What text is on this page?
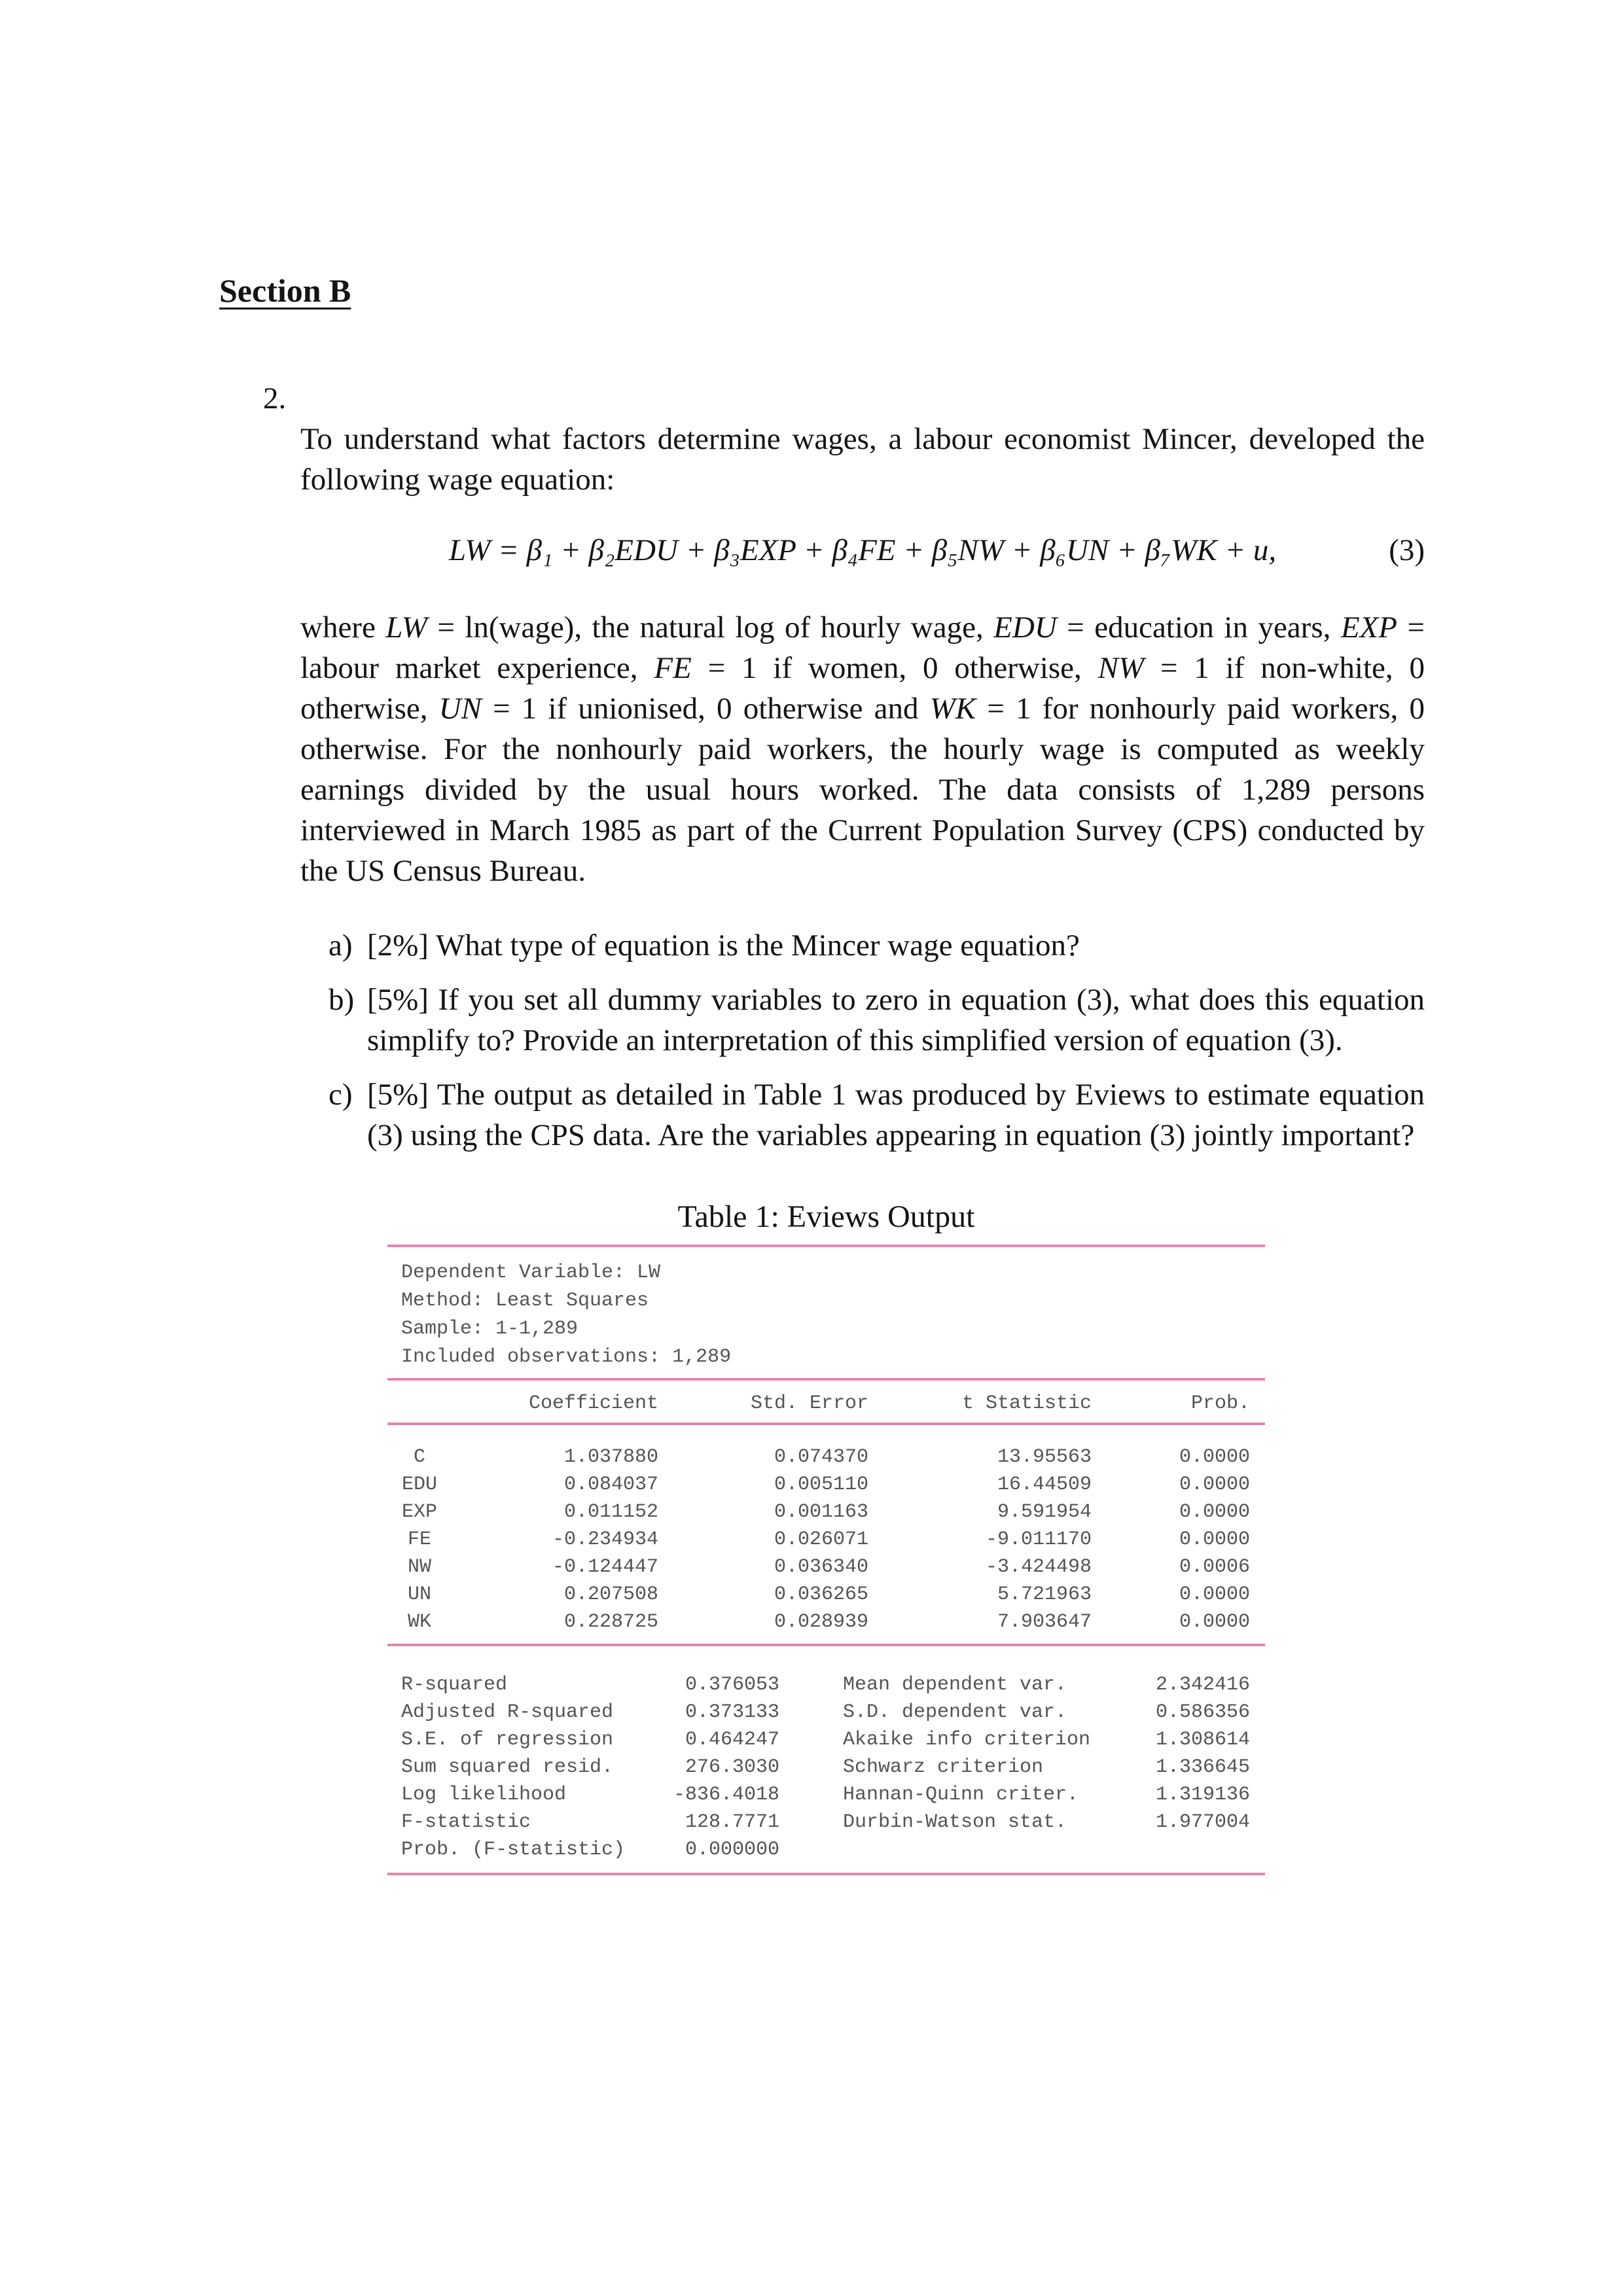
Section B
2.

To understand what factors determine wages, a labour economist Mincer, developed the following wage equation:

LW = β₁ + β₂EDU + β₃EXP + β₄FE + β₅NW + β₆UN + β₇WK + u,	(3)

where LW = ln(wage), the natural log of hourly wage, EDU = education in years, EXP = labour market experience, FE = 1 if women, 0 otherwise, NW = 1 if non-white, 0 otherwise, UN = 1 if unionised, 0 otherwise and WK = 1 for nonhourly paid workers, 0 otherwise. For the nonhourly paid workers, the hourly wage is computed as weekly earnings divided by the usual hours worked. The data consists of 1,289 persons interviewed in March 1985 as part of the Current Population Survey (CPS) conducted by the US Census Bureau.

a) [2%] What type of equation is the Mincer wage equation?

b) [5%] If you set all dummy variables to zero in equation (3), what does this equation simplify to? Provide an interpretation of this simplified version of equation (3).

c) [5%] The output as detailed in Table 1 was produced by Eviews to estimate equation (3) using the CPS data. Are the variables appearing in equation (3) jointly important?

Table 1: Eviews Output
Dependent Variable: LW
Method: Least Squares
Sample: 1-1,289
Included observations: 1,289
Coefficient	Std. Error	t Statistic	Prob.
C	1.037880	0.074370	13.95563	0.0000
EDU	0.084037	0.005110	16.44509	0.0000
EXP	0.011152	0.001163	9.591954	0.0000
FE	-0.234934	0.026071	-9.011170	0.0000
NW	-0.124447	0.036340	-3.424498	0.0006
UN	0.207508	0.036265	5.721963	0.0000
WK	0.228725	0.028939	7.903647	0.0000
R-squared	0.376053	Mean dependent var.	2.342416
Adjusted R-squared	0.373133	S.D. dependent var.	0.586356
S.E. of regression	0.464247	Akaike info criterion	1.308614
Sum squared resid.	276.3030	Schwarz criterion	1.336645
Log likelihood	-836.4018	Hannan-Quinn criter.	1.319136
F-statistic	128.7771	Durbin-Watson stat.	1.977004
Prob. (F-statistic)	0.000000
